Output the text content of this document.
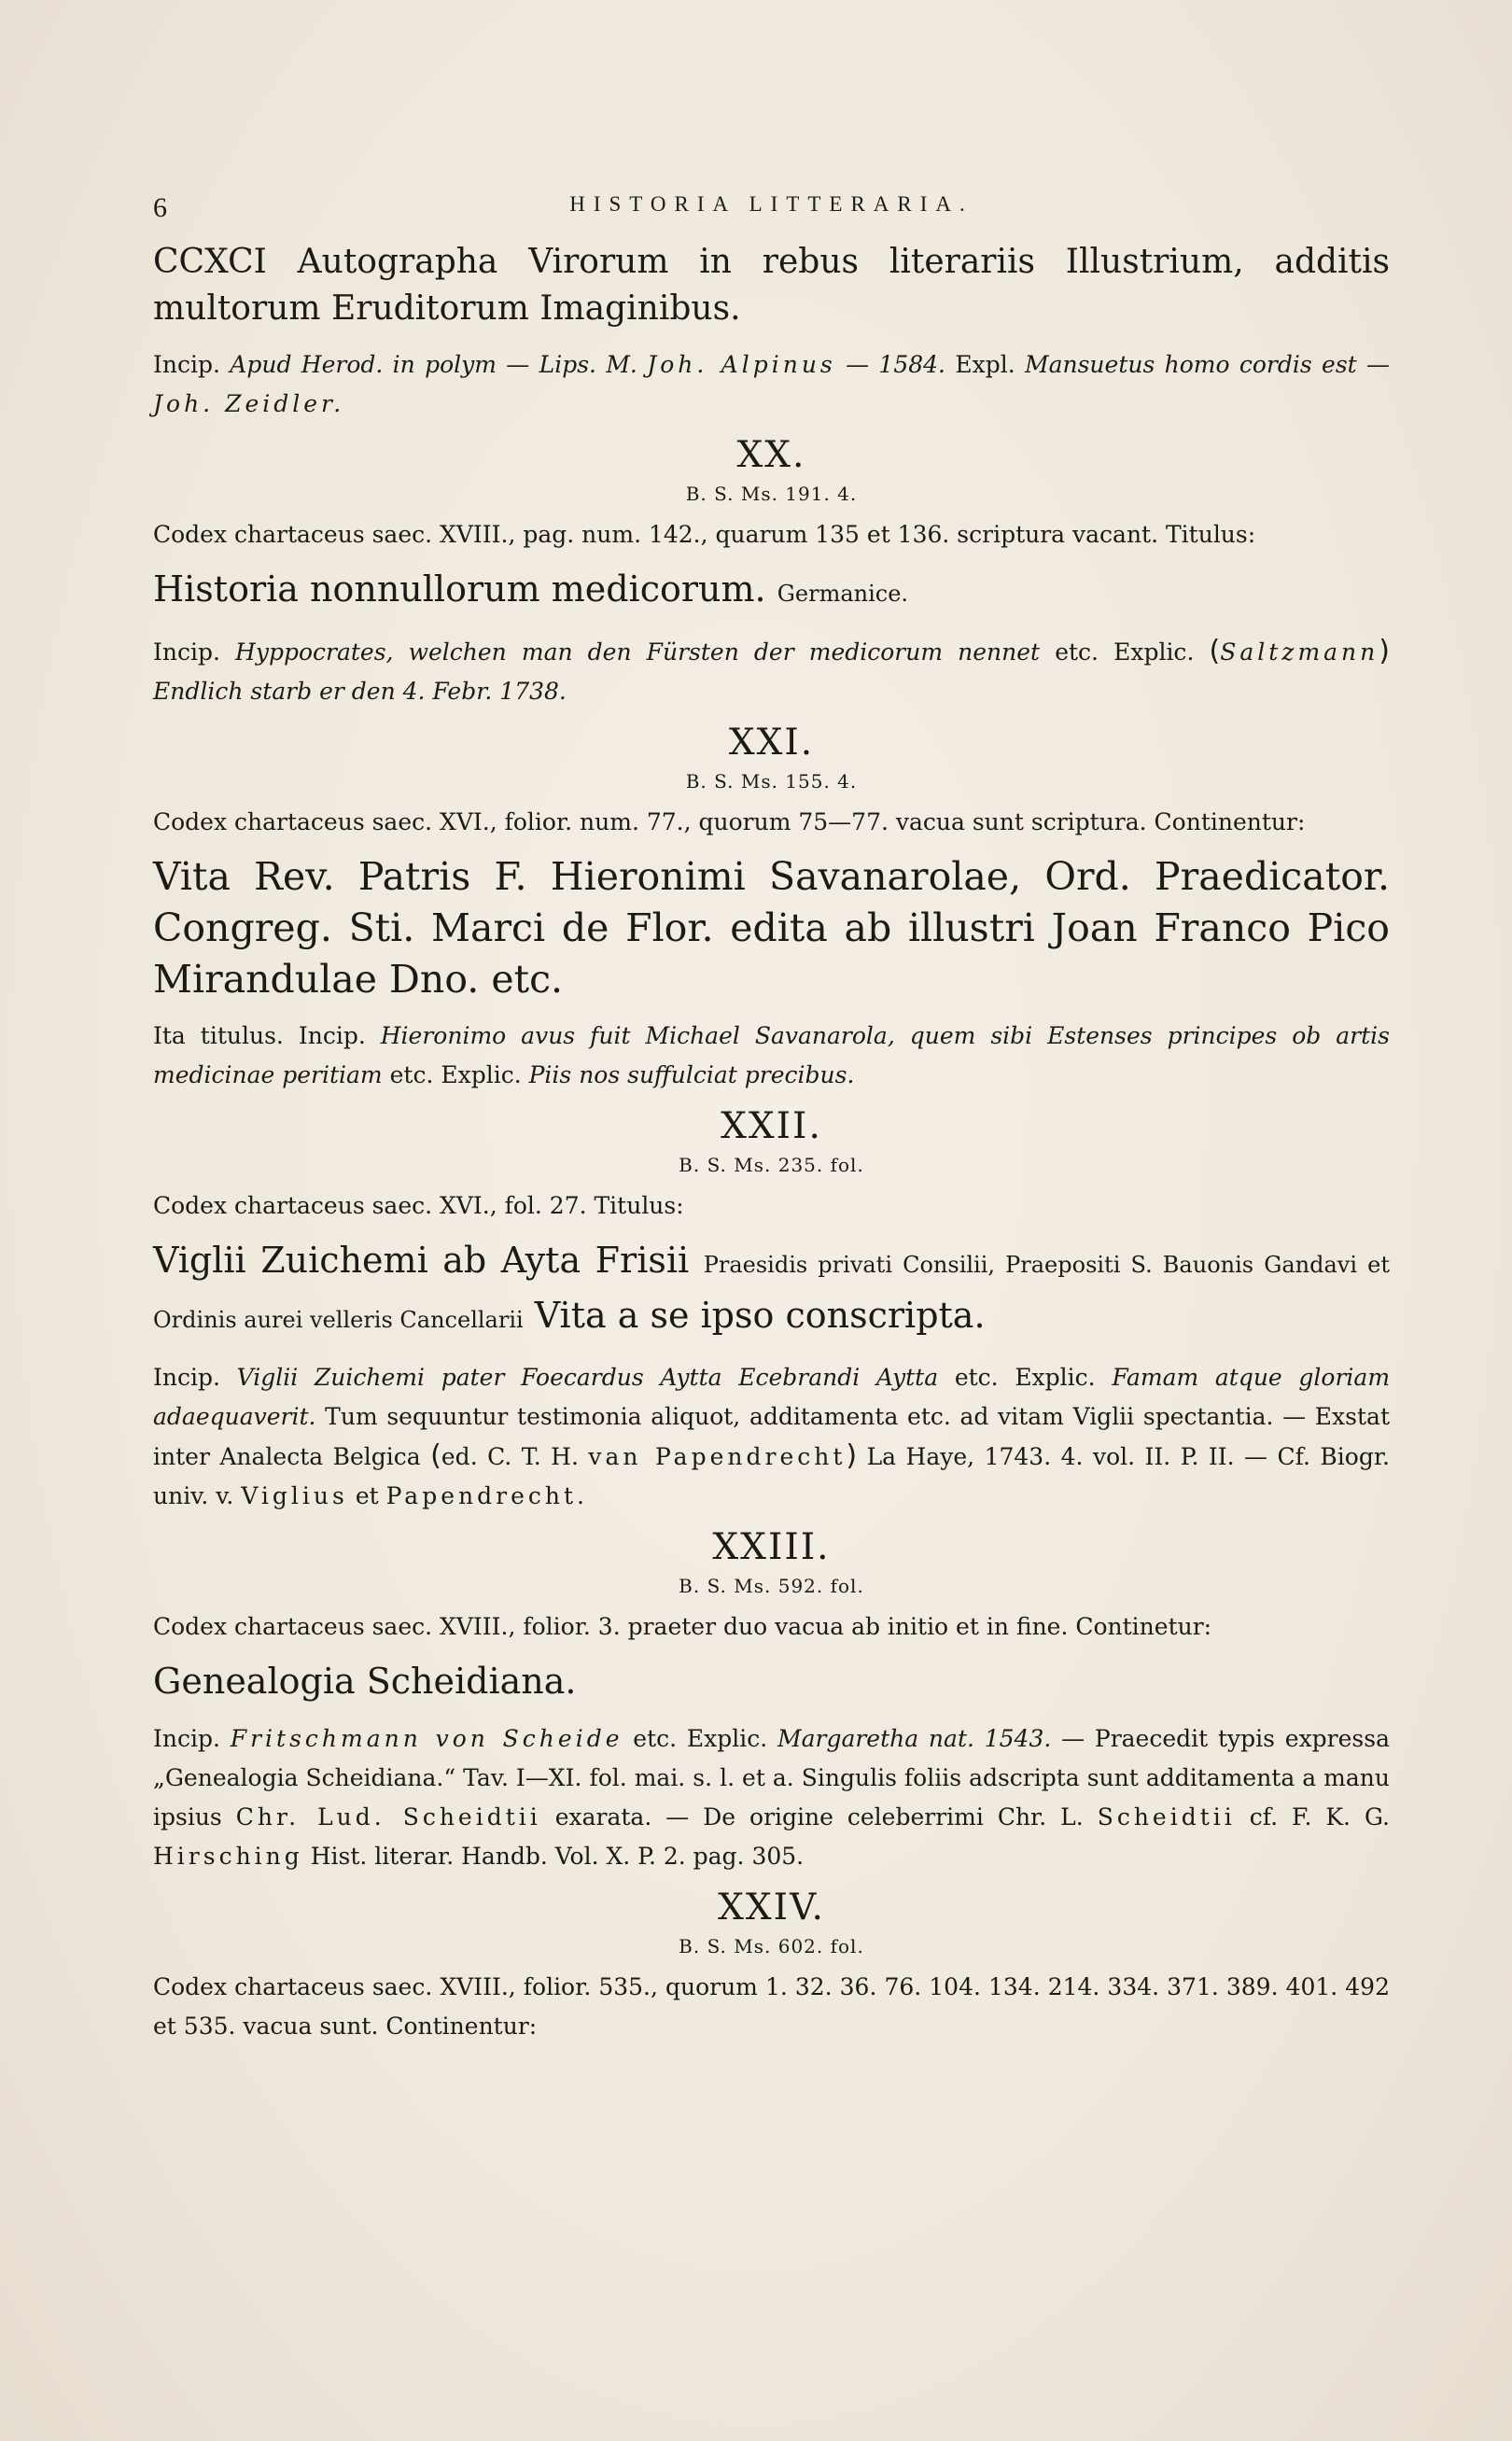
6	HISTORIA LITTERARIA.
CCXCI Autographa Virorum in rebus literariis Illustrium, additis multorum Eruditorum Imaginibus.

Incip. Apud Herod. in polym — Lips. M. Joh. Alpinus — 1584. Expl. Mansuetus homo cordis est — Joh. Zeidler.

XX.
B. S. Ms. 191. 4.

Codex chartaceus saec. XVIII., pag. num. 142., quarum 135 et 136. scriptura vacant. Titulus:

Historia nonnullorum medicorum. Germanice.

Incip. Hyppocrates, welchen man den Fürsten der medicorum nennet etc. Explic. (Saltzmann) Endlich starb er den 4. Febr. 1738.

XXI.
B. S. Ms. 155. 4.

Codex chartaceus saec. XVI., folior. num. 77., quorum 75—77. vacua sunt scriptura. Continentur:

Vita Rev. Patris F. Hieronimi Savanarolae, Ord. Praedicator. Congreg. Sti. Marci de Flor. edita ab illustri Joan Franco Pico Mirandulae Dno. etc.

Ita titulus. Incip. Hieronimo avus fuit Michael Savanarola, quem sibi Estenses principes ob artis medicinae peritiam etc. Explic. Piis nos suffulciat precibus.

XXII.
B. S. Ms. 235. fol.

Codex chartaceus saec. XVI., fol. 27. Titulus:

Viglii Zuichemi ab Ayta Frisii Praesidis privati Consilii, Praepositi S. Bauonis Gandavi et Ordinis aurei velleris Cancellarii Vita a se ipso conscripta.

Incip. Viglii Zuichemi pater Foecardus Aytta Ecebrandi Aytta etc. Explic. Famam atque gloriam adaequaverit. Tum sequuntur testimonia aliquot, additamenta etc. ad vitam Viglii spectantia. — Exstat inter Analecta Belgica (ed. C. T. H. van Papendrecht) La Haye, 1743. 4. vol. II. P. II. — Cf. Biogr. univ. v. Viglius et Papendrecht.

XXIII.
B. S. Ms. 592. fol.

Codex chartaceus saec. XVIII., folior. 3. praeter duo vacua ab initio et in fine. Continetur:

Genealogia Scheidiana.

Incip. Fritschmann von Scheide etc. Explic. Margaretha nat. 1543. — Praecedit typis expressa „Genealogia Scheidiana.“ Tav. I—XI. fol. mai. s. l. et a. Singulis foliis adscripta sunt additamenta a manu ipsius Chr. Lud. Scheidtii exarata. — De origine celeberrimi Chr. L. Scheidtii cf. F. K. G. Hirsching Hist. literar. Handb. Vol. X. P. 2. pag. 305.

XXIV.
B. S. Ms. 602. fol.

Codex chartaceus saec. XVIII., folior. 535., quorum 1. 32. 36. 76. 104. 134. 214. 334. 371. 389. 401. 492 et 535. vacua sunt. Continentur:
